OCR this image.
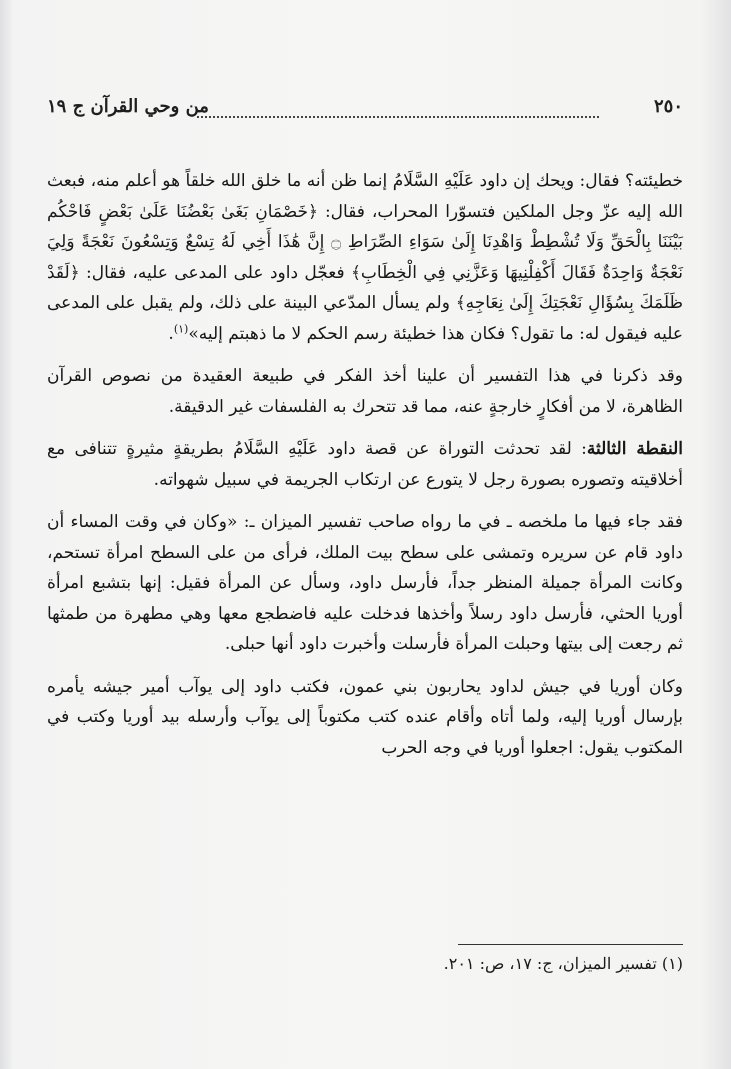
٢٥٠
من وحي القرآن ج ١٩

خطيئته؟ فقال: ويحك إن داود عَلَيْهِ السَّلَامُ إنما ظن أنه ما خلق الله خلقاً هو أعلم منه، فبعث الله إليه عزّ وجل الملكين فتسوّرا المحراب، فقال: ﴿خَصْمَانِ بَغَىٰ بَعْضُنَا عَلَىٰ بَعْضٍ فَاحْكُم بَيْنَنَا بِالْحَقِّ وَلَا تُشْطِطْ وَاهْدِنَا إِلَىٰ سَوَاءِ الصِّرَاطِ ۝ إِنَّ هَٰذَا أَخِي لَهُ تِسْعٌ وَتِسْعُونَ نَعْجَةً وَلِيَ نَعْجَةٌ وَاحِدَةٌ فَقَالَ أَكْفِلْنِيهَا وَعَزَّنِي فِي الْخِطَابِ﴾ فعجّل داود على المدعى عليه، فقال: ﴿لَقَدْ ظَلَمَكَ بِسُؤَالِ نَعْجَتِكَ إِلَىٰ نِعَاجِهِ﴾ ولم يسأل المدّعي البينة على ذلك، ولم يقبل على المدعى عليه فيقول له: ما تقول؟ فكان هذا خطيئة رسم الحكم لا ما ذهبتم إليه»$^{(١)}$.

وقد ذكرنا في هذا التفسير أن علينا أخذ الفكر في طبيعة العقيدة من نصوص القرآن الظاهرة، لا من أفكارٍ خارجةٍ عنه، مما قد تتحرك به الفلسفات غير الدقيقة.

النقطة الثالثة: لقد تحدثت التوراة عن قصة داود عَلَيْهِ السَّلَامُ بطريقةٍ مثيرةٍ تتنافى مع أخلاقيته وتصوره بصورة رجل لا يتورع عن ارتكاب الجريمة في سبيل شهواته.

فقد جاء فيها ما ملخصه ـ في ما رواه صاحب تفسير الميزان ـ: «وكان في وقت المساء أن داود قام عن سريره وتمشى على سطح بيت الملك، فرأى من على السطح امرأة تستحم، وكانت المرأة جميلة المنظر جداً، فأرسل داود، وسأل عن المرأة فقيل: إنها بتشبع امرأة أوريا الحثي، فأرسل داود رسلاً وأخذها فدخلت عليه فاضطجع معها وهي مطهرة من طمثها ثم رجعت إلى بيتها وحبلت المرأة فأرسلت وأخبرت داود أنها حبلى.

وكان أوريا في جيش لداود يحاربون بني عمون، فكتب داود إلى يوآب أمير جيشه يأمره بإرسال أوريا إليه، ولما أتاه وأقام عنده كتب مكتوباً إلى يوآب وأرسله بيد أوريا وكتب في المكتوب يقول: اجعلوا أوريا في وجه الحرب

(١) تفسير الميزان، ج: ١٧، ص: ٢٠١.
